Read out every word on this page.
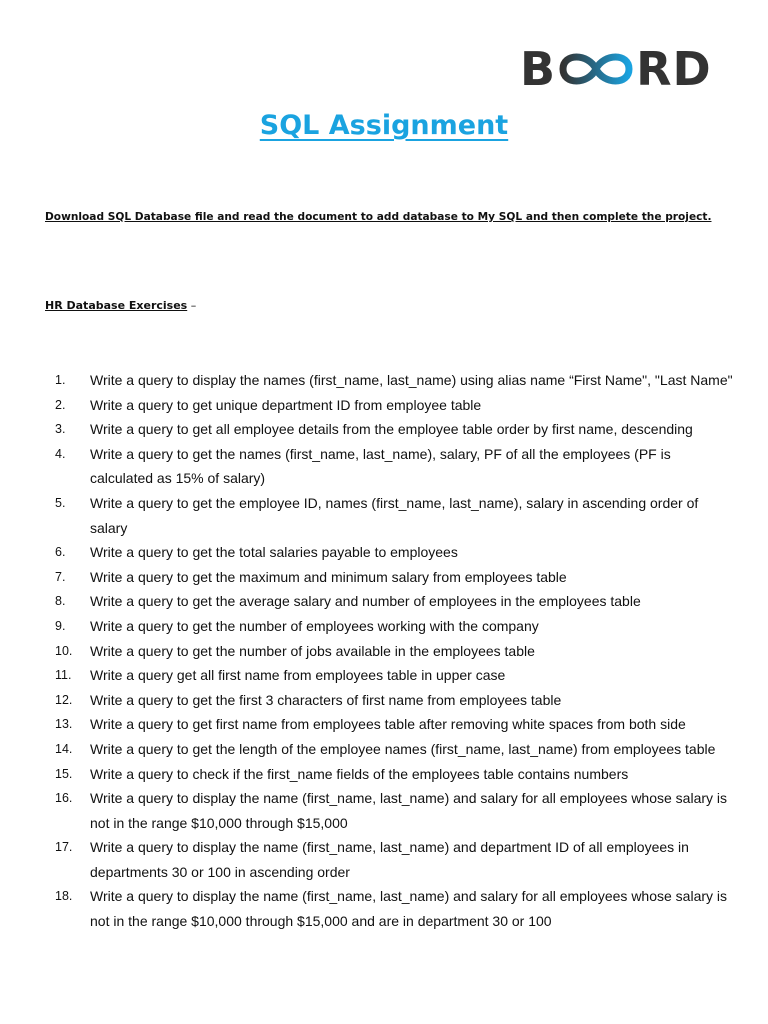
B RD
SQL Assignment

Download SQL Database file and read the document to add database to My SQL and then complete the project.

HR Database Exercises –

1.	Write a query to display the names (first_name, last_name) using alias name “First Name", "Last Name"
2.	Write a query to get unique department ID from employee table
3.	Write a query to get all employee details from the employee table order by first name, descending
4.	Write a query to get the names (first_name, last_name), salary, PF of all the employees (PF is calculated as 15% of salary)
5.	Write a query to get the employee ID, names (first_name, last_name), salary in ascending order of salary
6.	Write a query to get the total salaries payable to employees
7.	Write a query to get the maximum and minimum salary from employees table
8.	Write a query to get the average salary and number of employees in the employees table
9.	Write a query to get the number of employees working with the company
10.	Write a query to get the number of jobs available in the employees table
11.	Write a query get all first name from employees table in upper case
12.	Write a query to get the first 3 characters of first name from employees table
13.	Write a query to get first name from employees table after removing white spaces from both side
14.	Write a query to get the length of the employee names (first_name, last_name) from employees table
15.	Write a query to check if the first_name fields of the employees table contains numbers
16.	Write a query to display the name (first_name, last_name) and salary for all employees whose salary is not in the range $10,000 through $15,000
17.	Write a query to display the name (first_name, last_name) and department ID of all employees in departments 30 or 100 in ascending order
18.	Write a query to display the name (first_name, last_name) and salary for all employees whose salary is not in the range $10,000 through $15,000 and are in department 30 or 100
